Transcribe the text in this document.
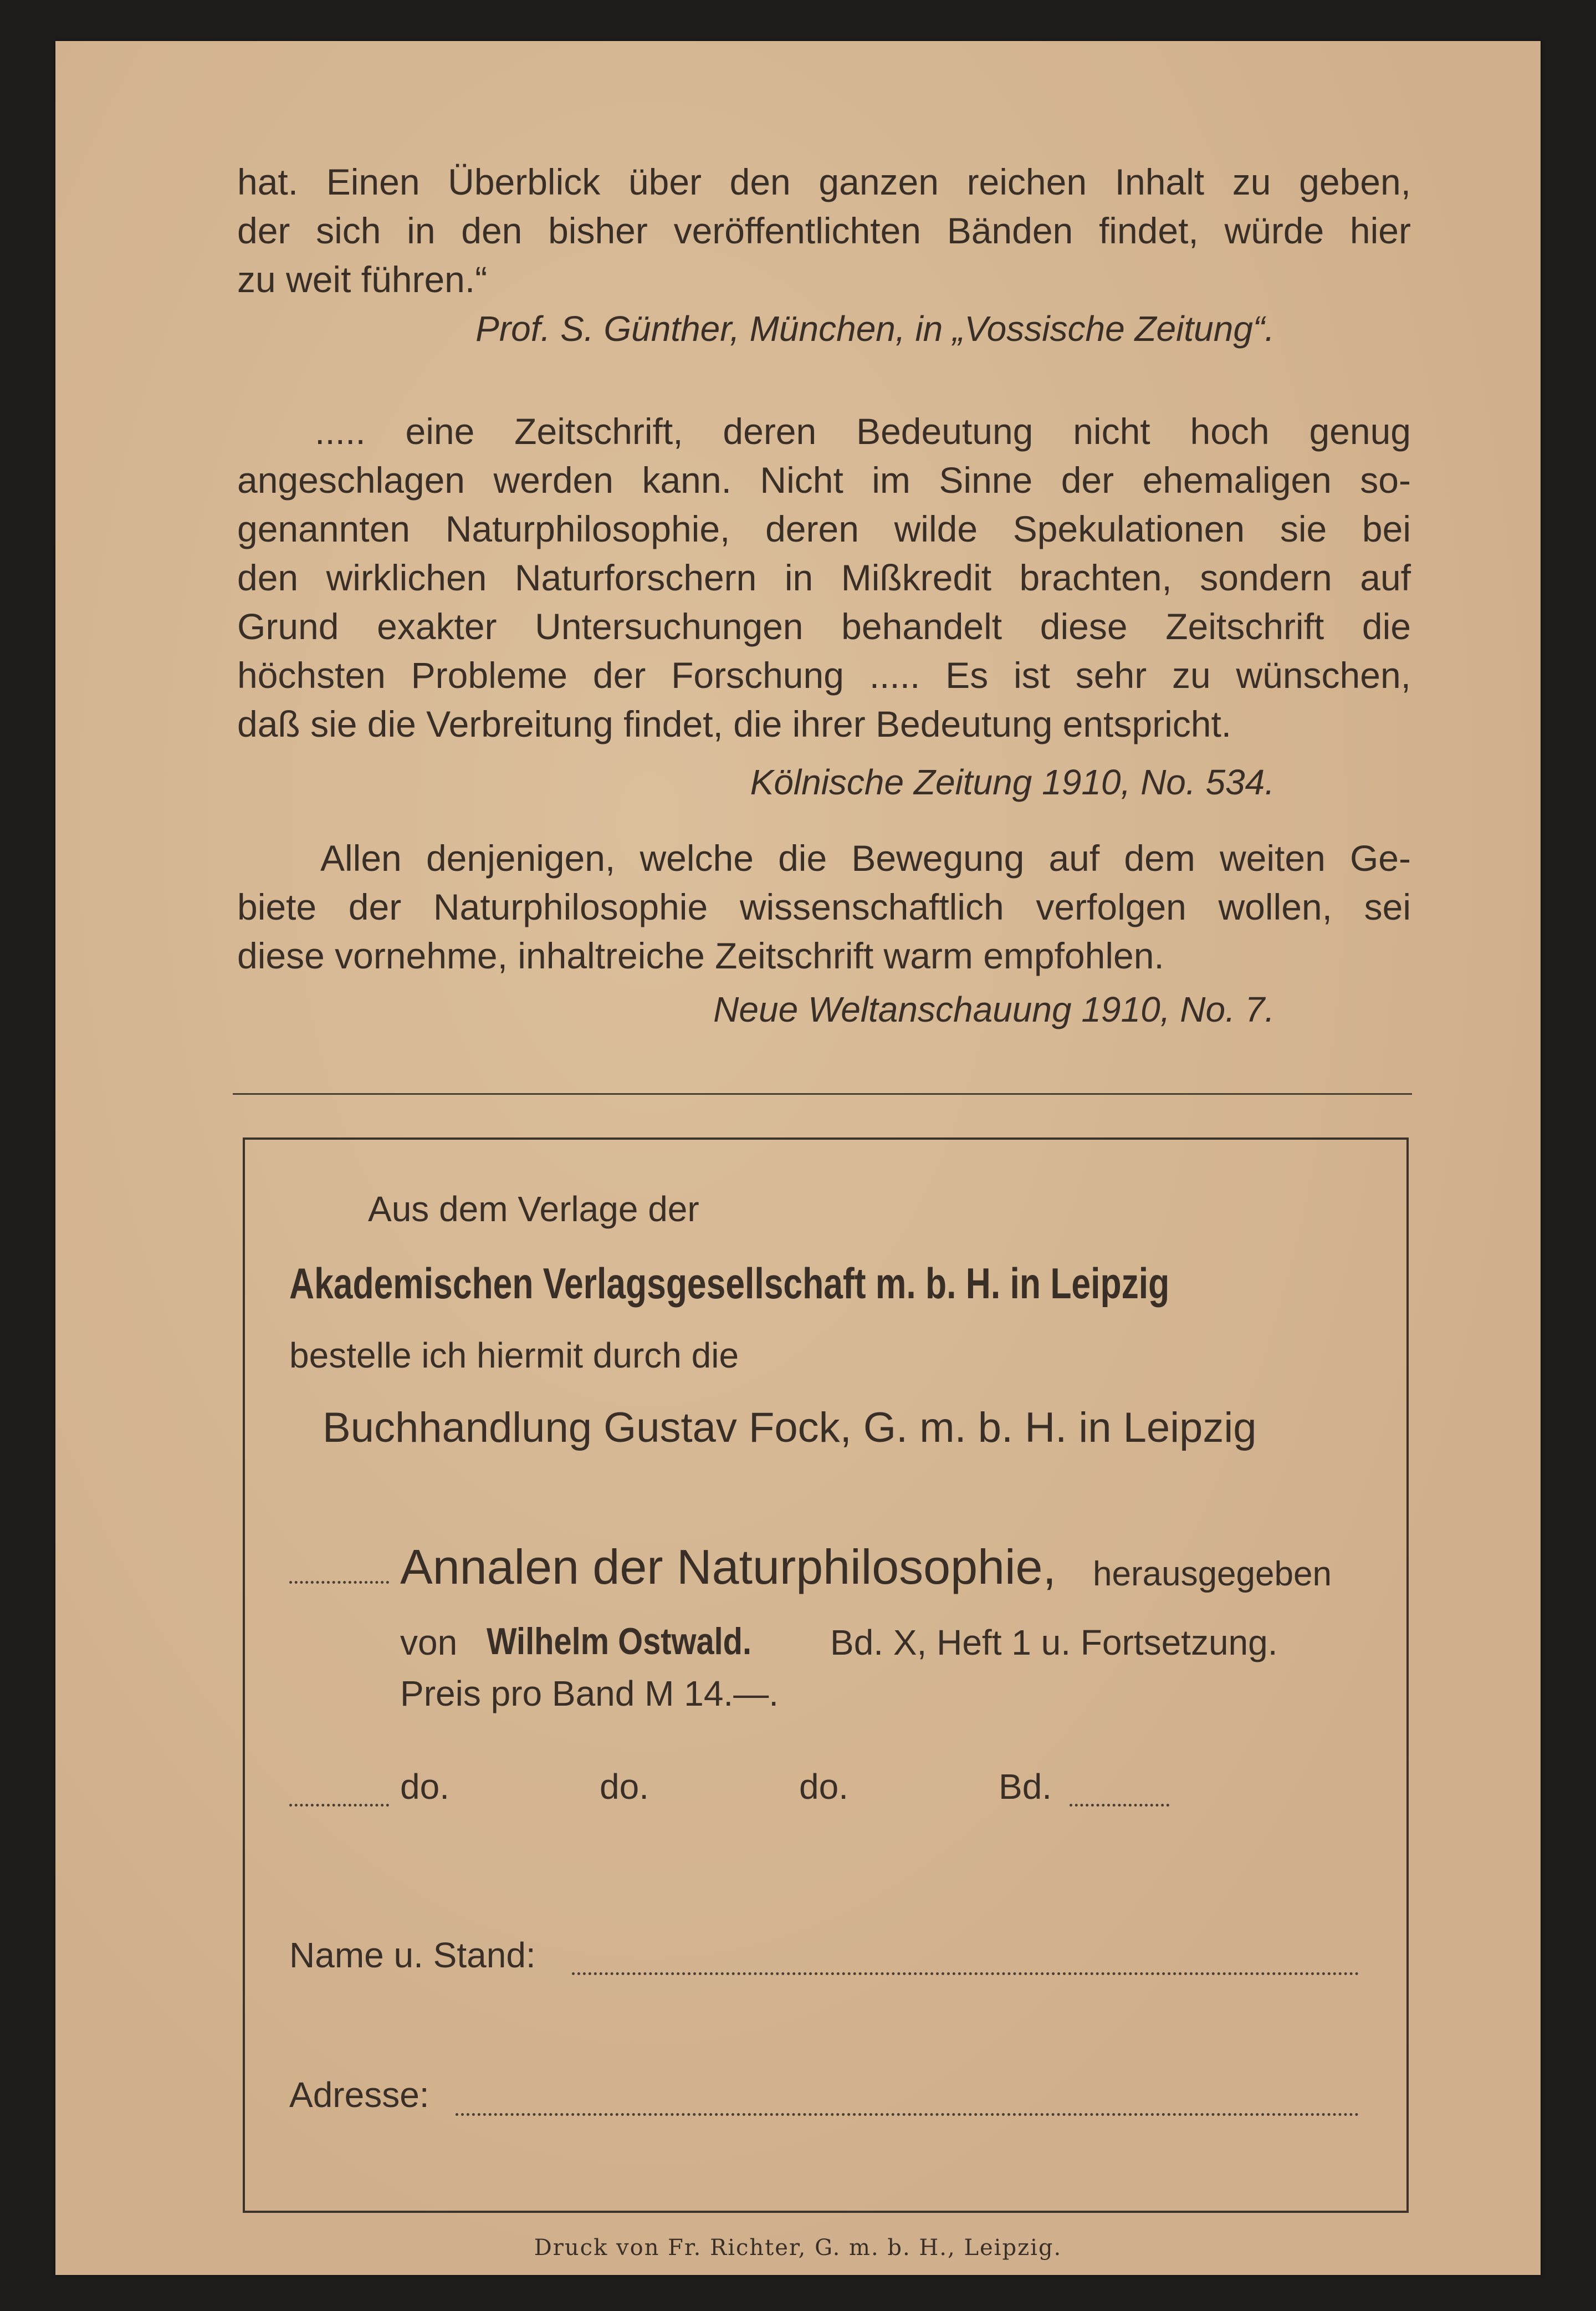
hat. Einen Überblick über den ganzen reichen Inhalt zu geben,
der sich in den bisher veröffentlichten Bänden findet, würde hier
zu weit führen.“

Prof. S. Günther, München, in „Vossische Zeitung“.

..... eine Zeitschrift, deren Bedeutung nicht hoch genug
angeschlagen werden kann. Nicht im Sinne der ehemaligen so-
genannten Naturphilosophie, deren wilde Spekulationen sie bei
den wirklichen Naturforschern in Mißkredit brachten, sondern auf
Grund exakter Untersuchungen behandelt diese Zeitschrift die
höchsten Probleme der Forschung ..... Es ist sehr zu wünschen,
daß sie die Verbreitung findet, die ihrer Bedeutung entspricht.

Kölnische Zeitung 1910, No. 534.

Allen denjenigen, welche die Bewegung auf dem weiten Ge-
biete der Naturphilosophie wissenschaftlich verfolgen wollen, sei
diese vornehme, inhaltreiche Zeitschrift warm empfohlen.

Neue Weltanschauung 1910, No. 7.

Aus dem Verlage der

Akademischen Verlagsgesellschaft m. b. H. in Leipzig

bestelle ich hiermit durch die

Buchhandlung Gustav Fock, G. m. b. H. in Leipzig

Annalen der Naturphilosophie, herausgegeben

von Wilhelm Ostwald. Bd. X, Heft 1 u. Fortsetzung.

Preis pro Band M 14.—.

do.	do.	do.	Bd.

Name u. Stand:

Adresse:

Druck von Fr. Richter, G. m. b. H., Leipzig.
